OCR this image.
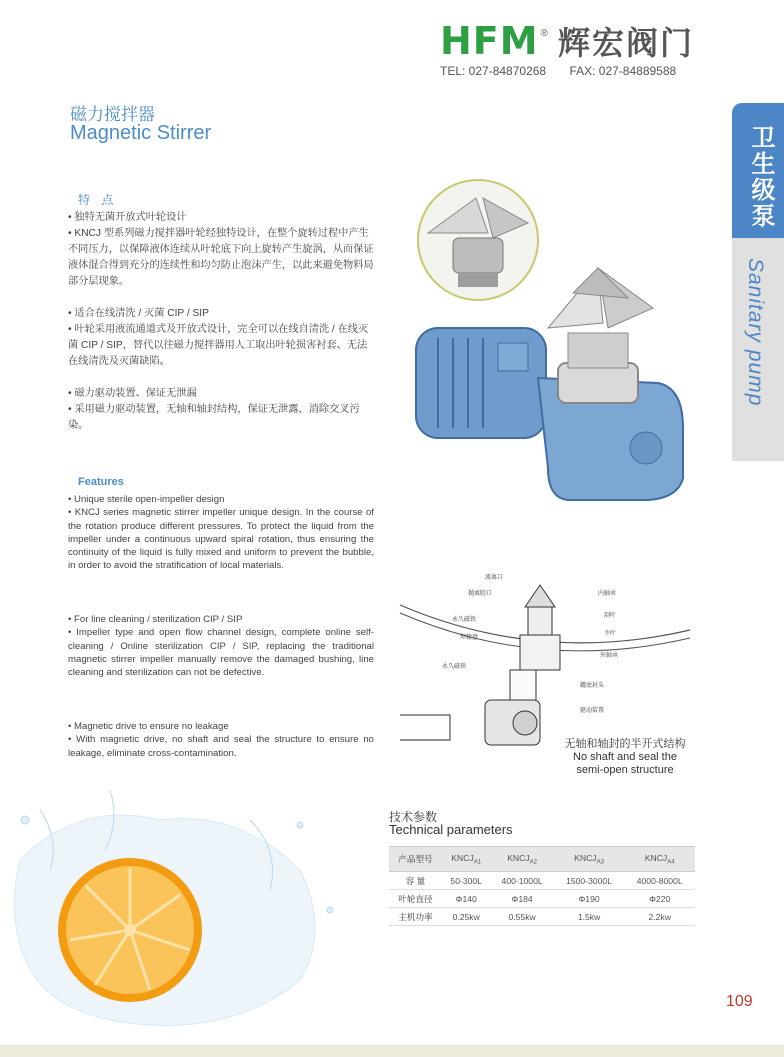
HFM ® 辉宏阀门
TEL: 027-84870268 FAX: 027-84889588
磁力搅拌器
Magnetic Stirrer	卫生级泵
Sanitary pump
特 点

• 独特无菌开放式叶轮设计

• KNCJ 型系列磁力搅拌器叶轮经独特设计，在整个旋转过程中产生不同压力，以保障液体连续从叶轮底下向上旋转产生旋涡，从而保证液体混合得到充分的连续性和均匀防止泡沫产生，以此来避免物料局部分层现象。

• 适合在线清洗 / 灭菌 CIP / SIP

• 叶轮采用液流通道式及开放式设计，完全可以在线自清洗 / 在线灭菌 CIP / SIP，替代以往磁力搅拌器用人工取出叶轮损害衬套、无法在线清洗及灭菌缺陷。

• 磁力驱动装置、保证无泄漏

• 采用磁力驱动装置，无轴和轴封结构，保证无泄露，消除交叉污染。

Features

• Unique sterile open-impeller design

• KNCJ series magnetic stirrer impeller unique design. In the course of the rotation produce different pressures. To protect the liquid from the impeller under a continuous upward spiral rotation, thus ensuring the continuity of the liquid is fully mixed and uniform to prevent the bubble, in order to avoid the stratification of local materials.

• For line cleaning / sterilization CIP / SIP

• Impeller type and open flow channel design, complete online self-cleaning / Online sterilization CIP / SIP, replacing the traditional magnetic stirrer impeller manually remove the damaged bushing, line cleaning and sterilization can not be defective.

• Magnetic drive to ensure no leakage

• With magnetic drive, no shaft and seal the structure to ensure no leakage, eliminate cross-contamination.

流离口
抛离腔口
永久磁铁
焊接盘
永久磁铁
内轴承
刮叶
主叶
外轴承
罐底封头
驱动装置
无轴和轴封的半开式结构
No shaft and seal the
semi-open structure
技术参数
Technical parameters
产品型号	$KNCJ_{A1}$	$KNCJ_{A2}$	$KNCJ_{A3}$	$KNCJ_{A4}$
容 量	50-300L	400-1000L	1500-3000L	4000-8000L
叶轮直径	Φ140	Φ184	Φ190	Φ220
主机功率	0.25kw	0.55kw	1.5kw	2.2kw
109
